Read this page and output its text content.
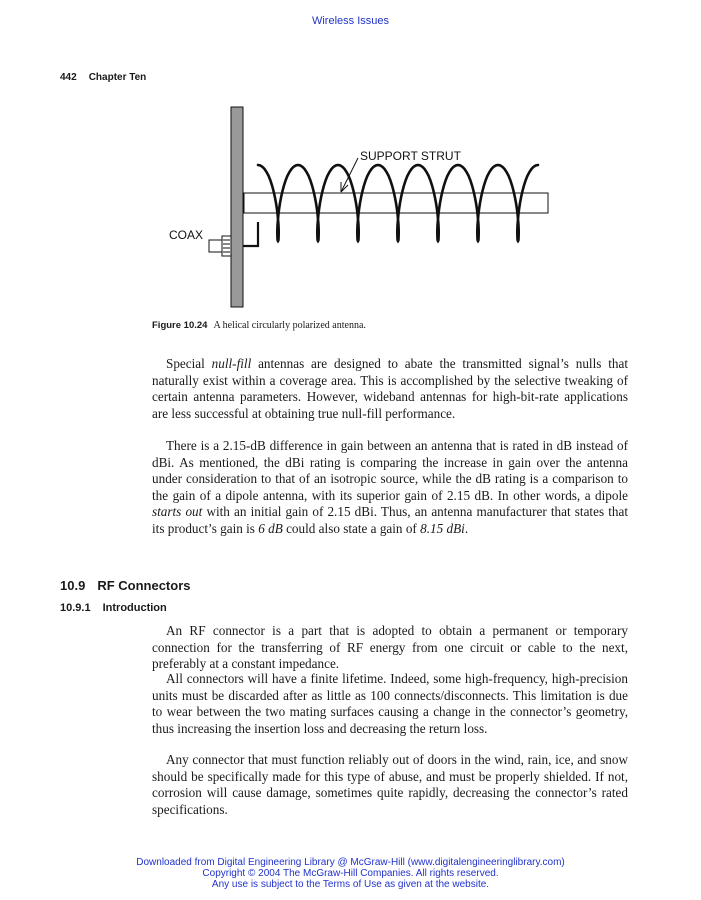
Wireless Issues
442 Chapter Ten
SUPPORT STRUT
COAX
Figure 10.24 A helical circularly polarized antenna.

Special null-fill antennas are designed to abate the transmitted signal’s nulls that naturally exist within a coverage area. This is accomplished by the selective tweaking of certain antenna parameters. However, wideband antennas for high-bit-rate applications are less successful at obtaining true null-fill performance.

There is a 2.15-dB difference in gain between an antenna that is rated in dB instead of dBi. As mentioned, the dBi rating is comparing the increase in gain over the antenna under consideration to that of an isotropic source, while the dB rating is a comparison to the gain of a dipole antenna, with its superior gain of 2.15 dB. In other words, a dipole starts out with an initial gain of 2.15 dBi. Thus, an antenna manufacturer that states that its product’s gain is 6 dB could also state a gain of 8.15 dBi.

10.9 RF Connectors
10.9.1 Introduction

An RF connector is a part that is adopted to obtain a permanent or temporary connection for the transferring of RF energy from one circuit or cable to the next, preferably at a constant impedance.

All connectors will have a finite lifetime. Indeed, some high-frequency, high-precision units must be discarded after as little as 100 connects/disconnects. This limitation is due to wear between the two mating surfaces causing a change in the connector’s geometry, thus increasing the insertion loss and decreasing the return loss.

Any connector that must function reliably out of doors in the wind, rain, ice, and snow should be specifically made for this type of abuse, and must be properly shielded. If not, corrosion will cause damage, sometimes quite rapidly, decreasing the connector’s rated specifications.

Downloaded from Digital Engineering Library @ McGraw-Hill (www.digitalengineeringlibrary.com)
Copyright © 2004 The McGraw-Hill Companies. All rights reserved.
Any use is subject to the Terms of Use as given at the website.
